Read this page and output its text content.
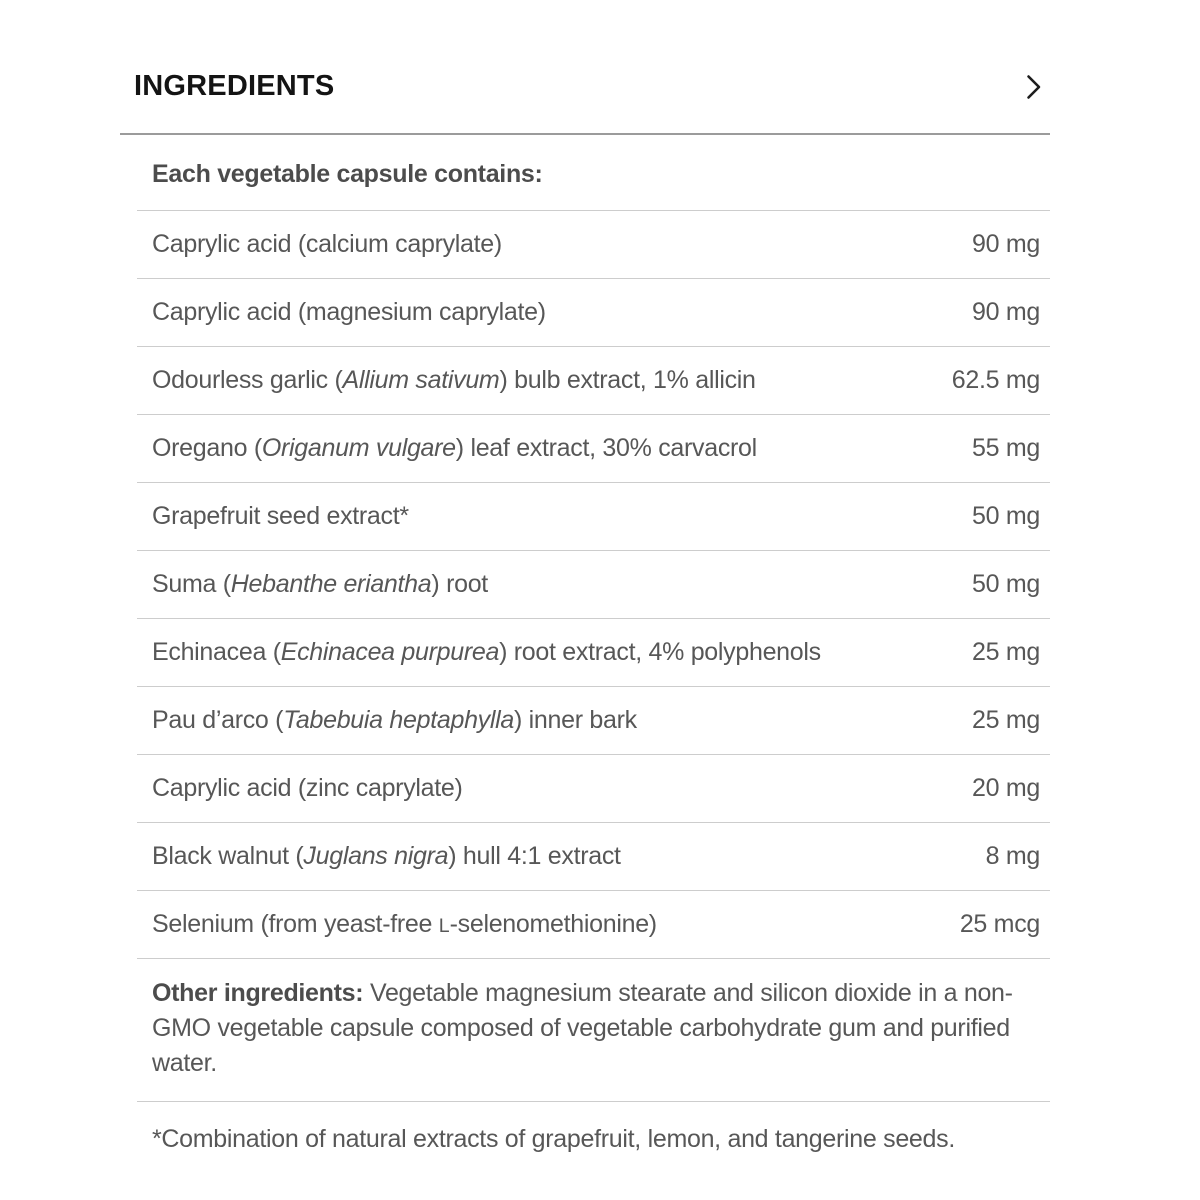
INGREDIENTS
Each vegetable capsule contains:
Caprylic acid (calcium caprylate)	90 mg
Caprylic acid (magnesium caprylate)	90 mg
Odourless garlic (Allium sativum) bulb extract, 1% allicin	62.5 mg
Oregano (Origanum vulgare) leaf extract, 30% carvacrol	55 mg
Grapefruit seed extract*	50 mg
Suma (Hebanthe eriantha) root	50 mg
Echinacea (Echinacea purpurea) root extract, 4% polyphenols	25 mg
Pau d’arco (Tabebuia heptaphylla) inner bark	25 mg
Caprylic acid (zinc caprylate)	20 mg
Black walnut (Juglans nigra) hull 4:1 extract	8 mg
Selenium (from yeast-free L-selenomethionine)	25 mcg
Other ingredients: Vegetable magnesium stearate and silicon dioxide in a non-GMO vegetable capsule composed of vegetable carbohydrate gum and purified water.
*Combination of natural extracts of grapefruit, lemon, and tangerine seeds.
